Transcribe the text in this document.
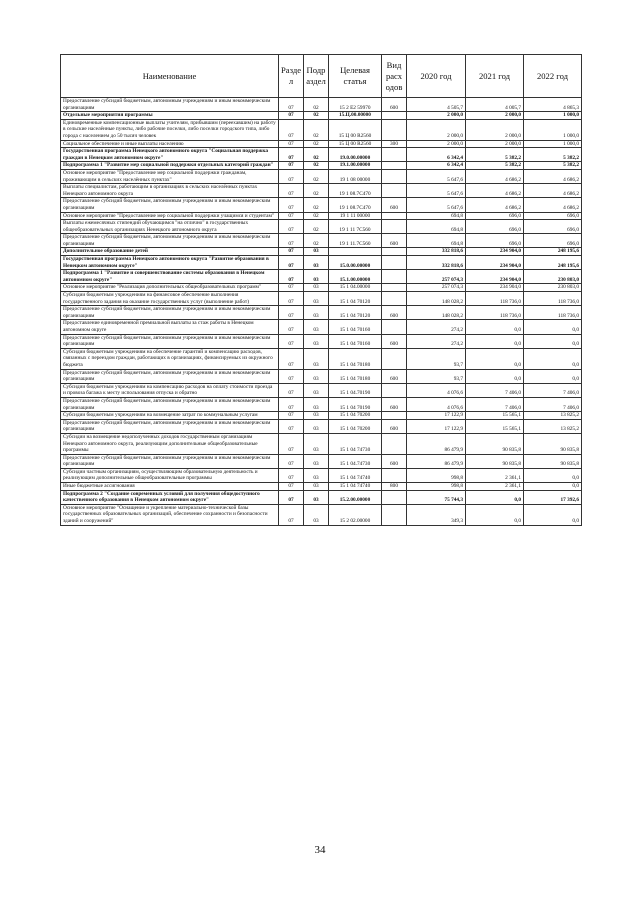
Наименование	Разде л	Подр аздел	Целевая статья	Вид расх одов	2020 год	2021 год	2022 год
Предоставление субсидий бюджетным, автономным учреждениям и иным некоммерческим организациям	07	02	15 2 Е2 59970	600	4 505,7	4 005,7	4 865,3
Отдельные мероприятия программы	07	02	15.Ц.00.00000		2 000,0	2 000,0	1 000,0
Единовременные компенсационные выплаты учителям, прибывшим (переехавшим) на работу в сельские населённые пункты, либо рабочие поселки, либо поселки городского типа, либо города с населением до 50 тысяч человек	07	02	15 Ц 00 R2560		2 000,0	2 000,0	1 000,0
Социальное обеспечение и иные выплаты населению	07	02	15 Ц 00 R2560	300	2 000,0	2 000,0	1 000,0
Государственная программа Ненецкого автономного округа "Социальная поддержка граждан в Ненецком автономном округе"	07	02	19.0.00.00000		6 342,4	5 382,2	5 382,2
Подпрограмма 1 "Развитие мер социальной поддержки отдельных категорий граждан"	07	02	19.1.00.00000		6 342,4	5 382,2	5 382,2
Основное мероприятие "Предоставление мер социальной поддержки гражданам, проживающим в сельских населённых пунктах"	07	02	19 1 08 00000		5 647,6	4 686,2	4 686,2
Выплаты специалистам, работающим в организациях в сельских населённых пунктах Ненецкого автономного округа	07	02	19 1 08.7С470		5 647,6	4 686,2	4 686,2
Предоставление субсидий бюджетным, автономным учреждениям и иным некоммерческим организациям	07	02	19 1 08.7С470	600	5 647,6	4 686,2	4 686,2
Основное мероприятие "Предоставление мер социальной поддержки учащимся и студентам"	07	02	19 1 11 00000		694,8	696,0	696,0
Выплаты ежемесячных стипендий обучающимся "на отлично" в государственных общеобразовательных организациях Ненецкого автономного округа	07	02	19 1 11 7С560		694,8	696,0	696,0
Предоставление субсидий бюджетным, автономным учреждениям и иным некоммерческим организациям	07	02	19 1 11.7С560	600	694,8	696,0	696,0
Дополнительное образование детей	07	03			332 818,6	234 904,0	248 195,6
Государственная программа Ненецкого автономного округа "Развитие образования в Ненецком автономном округе"	07	03	15.0.00.00000		332 818,6	234 904,0	248 195,6
Подпрограмма 1 "Развитие и совершенствование системы образования в Ненецком автономном округе"	07	03	15.1.00.00000		257 074,3	234 904,0	230 803,0
Основное мероприятие "Реализация дополнительных общеобразовательных программ"	07	03	15 1 04.00000		257 074,3	234 904,0	230 803,0
Субсидии бюджетным учреждениям на финансовое обеспечение выполнения государственного задания на оказание государственных услуг (выполнение работ)	07	03	15 1 04 70120		148 028,2	118 736,0	118 736,0
Предоставление субсидий бюджетным, автономным учреждениям и иным некоммерческим организациям	07	03	15 1 04 70120	600	148 028,2	118 736,0	118 736,0
Предоставление единовременной премиальной выплаты за стаж работы в Ненецком автономном округе	07	03	15 1 04 70160		274,2	0,0	0,0
Предоставление субсидий бюджетным, автономным учреждениям и иным некоммерческим организациям	07	03	15 1 04 70160	600	274,2	0,0	0,0
Субсидии бюджетным учреждениям на обеспечение гарантий и компенсацию расходов, связанных с переездом граждан, работающих в организациях, финансируемых из окружного бюджета	07	03	15 1 04 70180		93,7	0,0	0,0
Предоставление субсидий бюджетным, автономным учреждениям и иным некоммерческим организациям	07	03	15 1 04 70180	600	93,7	0,0	0,0
Субсидии бюджетным учреждениям на компенсацию расходов на оплату стоимости проезда и провоза багажа к месту использования отпуска и обратно	07	03	15 1 04.70190		4 076,6	7 406,0	7 406,0
Предоставление субсидий бюджетным, автономным учреждениям и иным некоммерческим организациям	07	03	15 1 04 70190	600	4 076,6	7 406,0	7 406,0
Субсидии бюджетным учреждениям на возмещение затрат по коммунальным услугам	07	03	15 1 04 70200		17 122,9	15 565,1	13 825,2
Предоставление субсидий бюджетным, автономным учреждениям и иным некоммерческим организациям	07	03	15 1 04 70200	600	17 122,9	15 565,1	13 825,2
Субсидии на возмещение недополученных доходов государственным организациям Ненецкого автономного округа, реализующим дополнительные общеобразовательные программы	07	03	15 1 04 74730		86 479,9	90 835,8	90 835,8
Предоставление субсидий бюджетным, автономным учреждениям и иным некоммерческим организациям	07	03	15 1 04.74730	600	86 479,9	90 835,8	90 835,8
Субсидии частным организациям, осуществляющим образовательную деятельность и реализующим дополнительные общеобразовательные программы	07	03	15 1 04 74740		998,8	2 361,1	0,0
Иные бюджетные ассигнования	07	03	15 1 04 74740	800	998,8	2 361,1	0,0
Подпрограмма 2 "Создание современных условий для получения общедоступного качественного образования в Ненецком автономном округе"	07	03	15.2.00.00000		75 744,3	0,0	17 392,6
Основное мероприятие "Оснащение и укрепление материально-технической базы государственных образовательных организаций, обеспечение сохранности и безопасности зданий и сооружений"	07	03	15 2 02.00000		349,3	0,0	0,0
34
